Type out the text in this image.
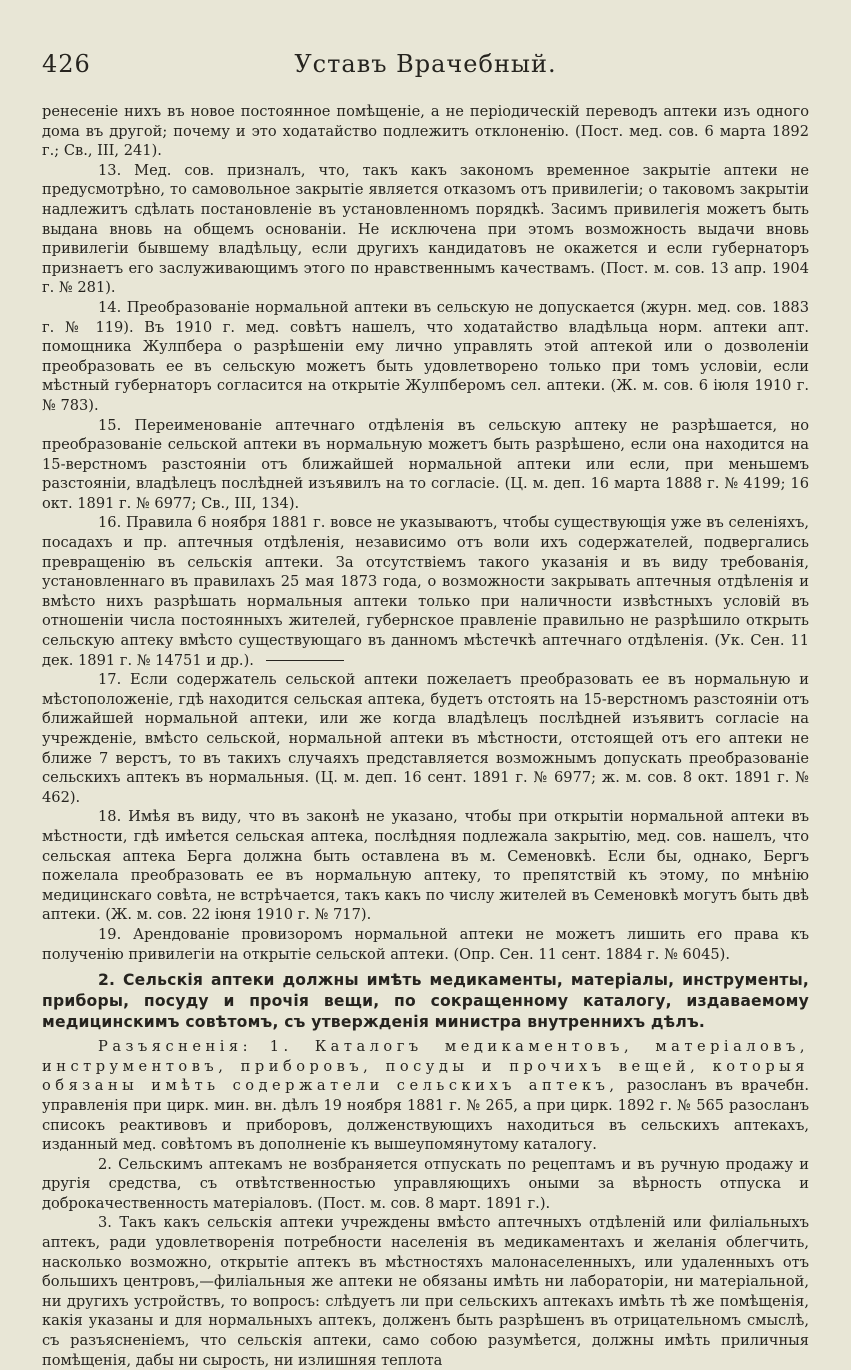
426	Уставъ Врачебный.

ренесеніе нихъ въ новое постоянное помѣщеніе, а не періодическій переводъ аптеки изъ одного дома въ другой; почему и это ходатайство подлежитъ отклоненію. (Пост. мед. сов. 6 марта 1892 г.; Св., III, 241).

13. Мед. сов. призналъ, что, такъ какъ закономъ временное закрытіе аптеки не предусмотрѣно, то самовольное закрытіе является отказомъ отъ привилегіи; о таковомъ закрытіи надлежитъ сдѣлать постановленіе въ установленномъ порядкѣ. Засимъ привилегія можетъ быть выдана вновь на общемъ основаніи. Не исключена при этомъ возможность выдачи вновь привилегіи бывшему владѣльцу, если другихъ кандидатовъ не окажется и если губернаторъ признаетъ его заслуживающимъ этого по нравственнымъ качествамъ. (Пост. м. сов. 13 апр. 1904 г. № 281).

14. Преобразованіе нормальной аптеки въ сельскую не допускается (журн. мед. сов. 1883 г. № 119). Въ 1910 г. мед. совѣтъ нашелъ, что ходатайство владѣльца норм. аптеки апт. помощника Жулпбера о разрѣшеніи ему лично управлять этой аптекой или о дозволеніи преобразовать ее въ сельскую можетъ быть удовлетворено только при томъ условіи, если мѣстный губернаторъ согласится на открытіе Жулпберомъ сел. аптеки. (Ж. м. сов. 6 іюля 1910 г. № 783).

15. Переименованіе аптечнаго отдѣленія въ сельскую аптеку не разрѣшается, но преобразованіе сельской аптеки въ нормальную можетъ быть разрѣшено, если она находится на 15-верстномъ разстояніи отъ ближайшей нормальной аптеки или если, при меньшемъ разстояніи, владѣлецъ послѣдней изъявилъ на то согласіе. (Ц. м. деп. 16 марта 1888 г. № 4199; 16 окт. 1891 г. № 6977; Св., III, 134).

16. Правила 6 ноября 1881 г. вовсе не указываютъ, чтобы существующія уже въ селеніяхъ, посадахъ и пр. аптечныя отдѣленія, независимо отъ воли ихъ содержателей, подвергались превращенію въ сельскія аптеки. За отсутствіемъ такого указанія и въ виду требованія, установленнаго въ правилахъ 25 мая 1873 года, о возможности закрывать аптечныя отдѣленія и вмѣсто нихъ разрѣшать нормальныя аптеки только при наличности извѣстныхъ условій въ отношеніи числа постоянныхъ жителей, губернское правленіе правильно не разрѣшило открыть сельскую аптеку вмѣсто существующаго въ данномъ мѣстечкѣ аптечнаго отдѣленія. (Ук. Сен. 11 дек. 1891 г. № 14751 и др.).

17. Если содержатель сельской аптеки пожелаетъ преобразовать ее въ нормальную и мѣстоположеніе, гдѣ находится сельская аптека, будетъ отстоять на 15-верстномъ разстояніи отъ ближайшей нормальной аптеки, или же когда владѣлецъ послѣдней изъявитъ согласіе на учрежденіе, вмѣсто сельской, нормальной аптеки въ мѣстности, отстоящей отъ его аптеки не ближе 7 верстъ, то въ такихъ случаяхъ представляется возможнымъ допускать преобразованіе сельскихъ аптекъ въ нормальныя. (Ц. м. деп. 16 сент. 1891 г. № 6977; ж. м. сов. 8 окт. 1891 г. № 462).

18. Имѣя въ виду, что въ законѣ не указано, чтобы при открытіи нормальной аптеки въ мѣстности, гдѣ имѣется сельская аптека, послѣдняя подлежала закрытію, мед. сов. нашелъ, что сельская аптека Берга должна быть оставлена въ м. Семеновкѣ. Если бы, однако, Бергъ пожелала преобразовать ее въ нормальную аптеку, то препятствій къ этому, по мнѣнію медицинскаго совѣта, не встрѣчается, такъ какъ по числу жителей въ Семеновкѣ могутъ быть двѣ аптеки. (Ж. м. сов. 22 іюня 1910 г. № 717).

19. Арендованіе провизоромъ нормальной аптеки не можетъ лишить его права къ полученію привилегіи на открытіе сельской аптеки. (Опр. Сен. 11 сент. 1884 г. № 6045).

2. Сельскія аптеки должны имѣть медикаменты, матеріалы, инструменты, приборы, посуду и прочія вещи, по сокращенному каталогу, издаваемому медицинскимъ совѣтомъ, съ утвержденія министра внутреннихъ дѣлъ.

Разъясненія: 1. Каталогъ медикаментовъ, матеріаловъ, инструментовъ, приборовъ, посуды и прочихъ вещей, которыя обязаны имѣть содержатели сельскихъ аптекъ, разосланъ въ врачебн. управленія при цирк. мин. вн. дѣлъ 19 ноября 1881 г. № 265, а при цирк. 1892 г. № 565 разосланъ списокъ реактивовъ и приборовъ, долженствующихъ находиться въ сельскихъ аптекахъ, изданный мед. совѣтомъ въ дополненіе къ вышеупомянутому каталогу.

2. Сельскимъ аптекамъ не возбраняется отпускать по рецептамъ и въ ручную продажу и другія средства, съ отвѣтственностью управляющихъ оными за вѣрность отпуска и доброкачественность матеріаловъ. (Пост. м. сов. 8 март. 1891 г.).

3. Такъ какъ сельскія аптеки учреждены вмѣсто аптечныхъ отдѣленій или филіальныхъ аптекъ, ради удовлетворенія потребности населенія въ медикаментахъ и желанія облегчить, насколько возможно, открытіе аптекъ въ мѣстностяхъ малонаселенныхъ, или удаленныхъ отъ большихъ центровъ,—филіальныя же аптеки не обязаны имѣть ни лабораторіи, ни матеріальной, ни другихъ устройствъ, то вопросъ: слѣдуетъ ли при сельскихъ аптекахъ имѣть тѣ же помѣщенія, какія указаны и для нормальныхъ аптекъ, долженъ быть разрѣшенъ въ отрицательномъ смыслѣ, съ разъясненіемъ, что сельскія аптеки, само собою разумѣется, должны имѣть приличныя помѣщенія, дабы ни сырость, ни излишняя теплота
